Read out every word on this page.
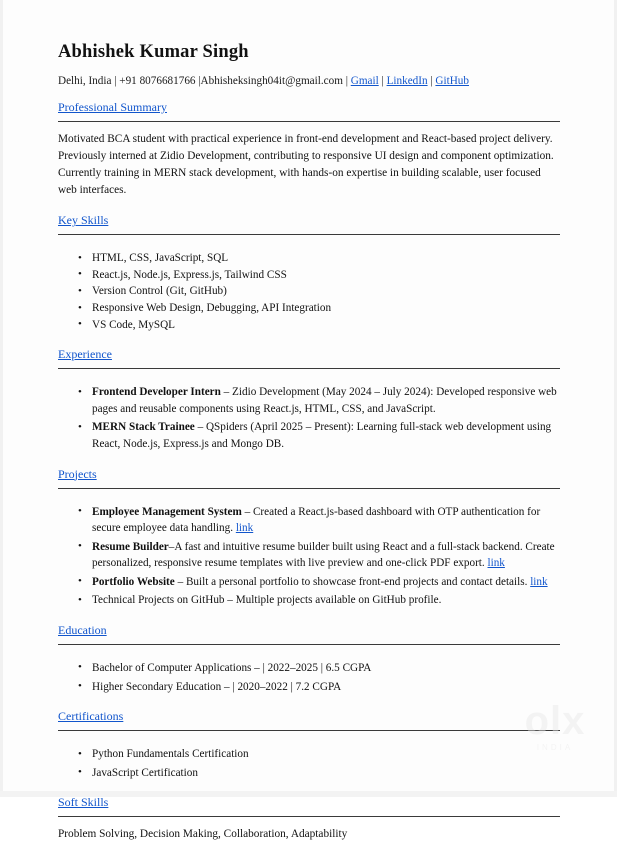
Abhishek Kumar Singh
Delhi, India | +91 8076681766 |Abhisheksingh04it@gmail.com | Gmail | LinkedIn | GitHub
Professional Summary
Motivated BCA student with practical experience in front-end development and React-based project delivery. Previously interned at Zidio Development, contributing to responsive UI design and component optimization. Currently training in MERN stack development, with hands-on expertise in building scalable, user focused web interfaces.
Key Skills
• HTML, CSS, JavaScript, SQL
• React.js, Node.js, Express.js, Tailwind CSS
• Version Control (Git, GitHub)
• Responsive Web Design, Debugging, API Integration
• VS Code, MySQL
Experience
• Frontend Developer Intern – Zidio Development (May 2024 – July 2024): Developed responsive web pages and reusable components using React.js, HTML, CSS, and JavaScript.
• MERN Stack Trainee – QSpiders (April 2025 – Present): Learning full-stack web development using React, Node.js, Express.js and Mongo DB.
Projects
• Employee Management System – Created a React.js-based dashboard with OTP authentication for secure employee data handling. link
• Resume Builder–A fast and intuitive resume builder built using React and a full-stack backend. Create personalized, responsive resume templates with live preview and one-click PDF export. link
• Portfolio Website – Built a personal portfolio to showcase front-end projects and contact details. link
• Technical Projects on GitHub – Multiple projects available on GitHub profile.
Education
• Bachelor of Computer Applications – | 2022–2025 | 6.5 CGPA
• Higher Secondary Education – | 2020–2022 | 7.2 CGPA
Certifications
• Python Fundamentals Certification
• JavaScript Certification
Soft Skills
Problem Solving, Decision Making, Collaboration, Adaptability
olx
INDIA
